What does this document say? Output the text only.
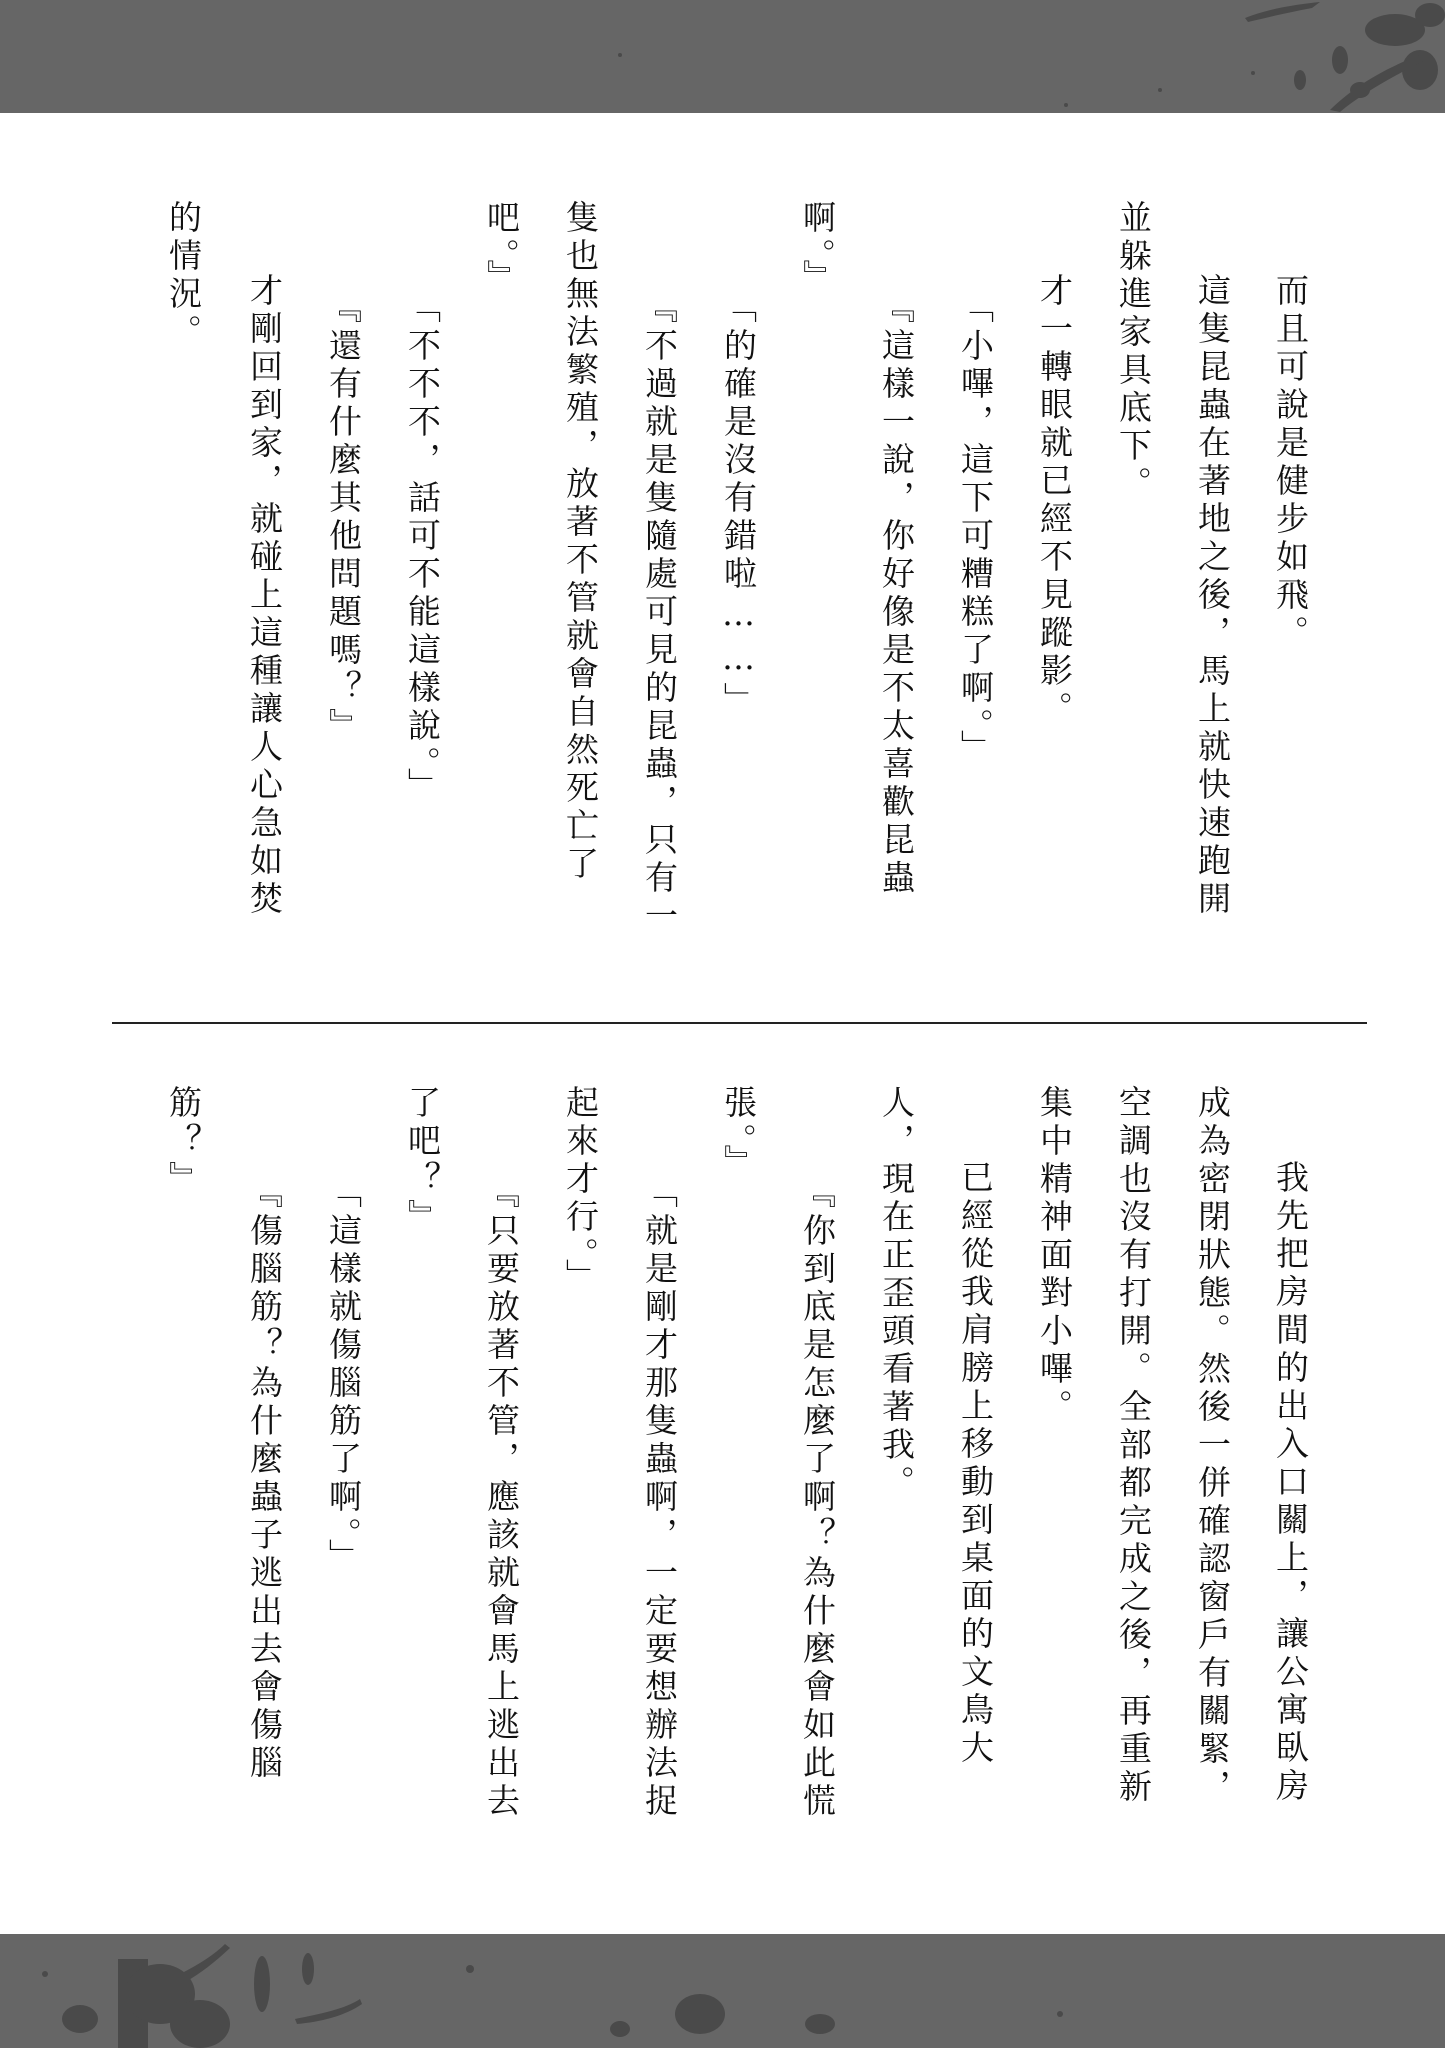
而且可說是健步如飛。
這隻昆蟲在著地之後，馬上就快速跑開
並躲進家具底下。
才一轉眼就已經不見蹤影。
「小嗶，這下可糟糕了啊。」
『這樣一說，你好像是不太喜歡昆蟲
啊。』
「的確是沒有錯啦……」
『不過就是隻隨處可見的昆蟲，只有一
隻也無法繁殖，放著不管就會自然死亡了
吧。』
「不不不，話可不能這樣說。」
『還有什麼其他問題嗎？』
才剛回到家，就碰上這種讓人心急如焚
的情況。
我先把房間的出入口關上，讓公寓臥房
成為密閉狀態。然後一併確認窗戶有關緊，
空調也沒有打開。全部都完成之後，再重新
集中精神面對小嗶。
已經從我肩膀上移動到桌面的文鳥大
人，現在正歪頭看著我。
『你到底是怎麼了啊？為什麼會如此慌
張。』
「就是剛才那隻蟲啊，一定要想辦法捉
起來才行。」
『只要放著不管，應該就會馬上逃出去
了吧？』
「這樣就傷腦筋了啊。」
『傷腦筋？為什麼蟲子逃出去會傷腦
筋？』
